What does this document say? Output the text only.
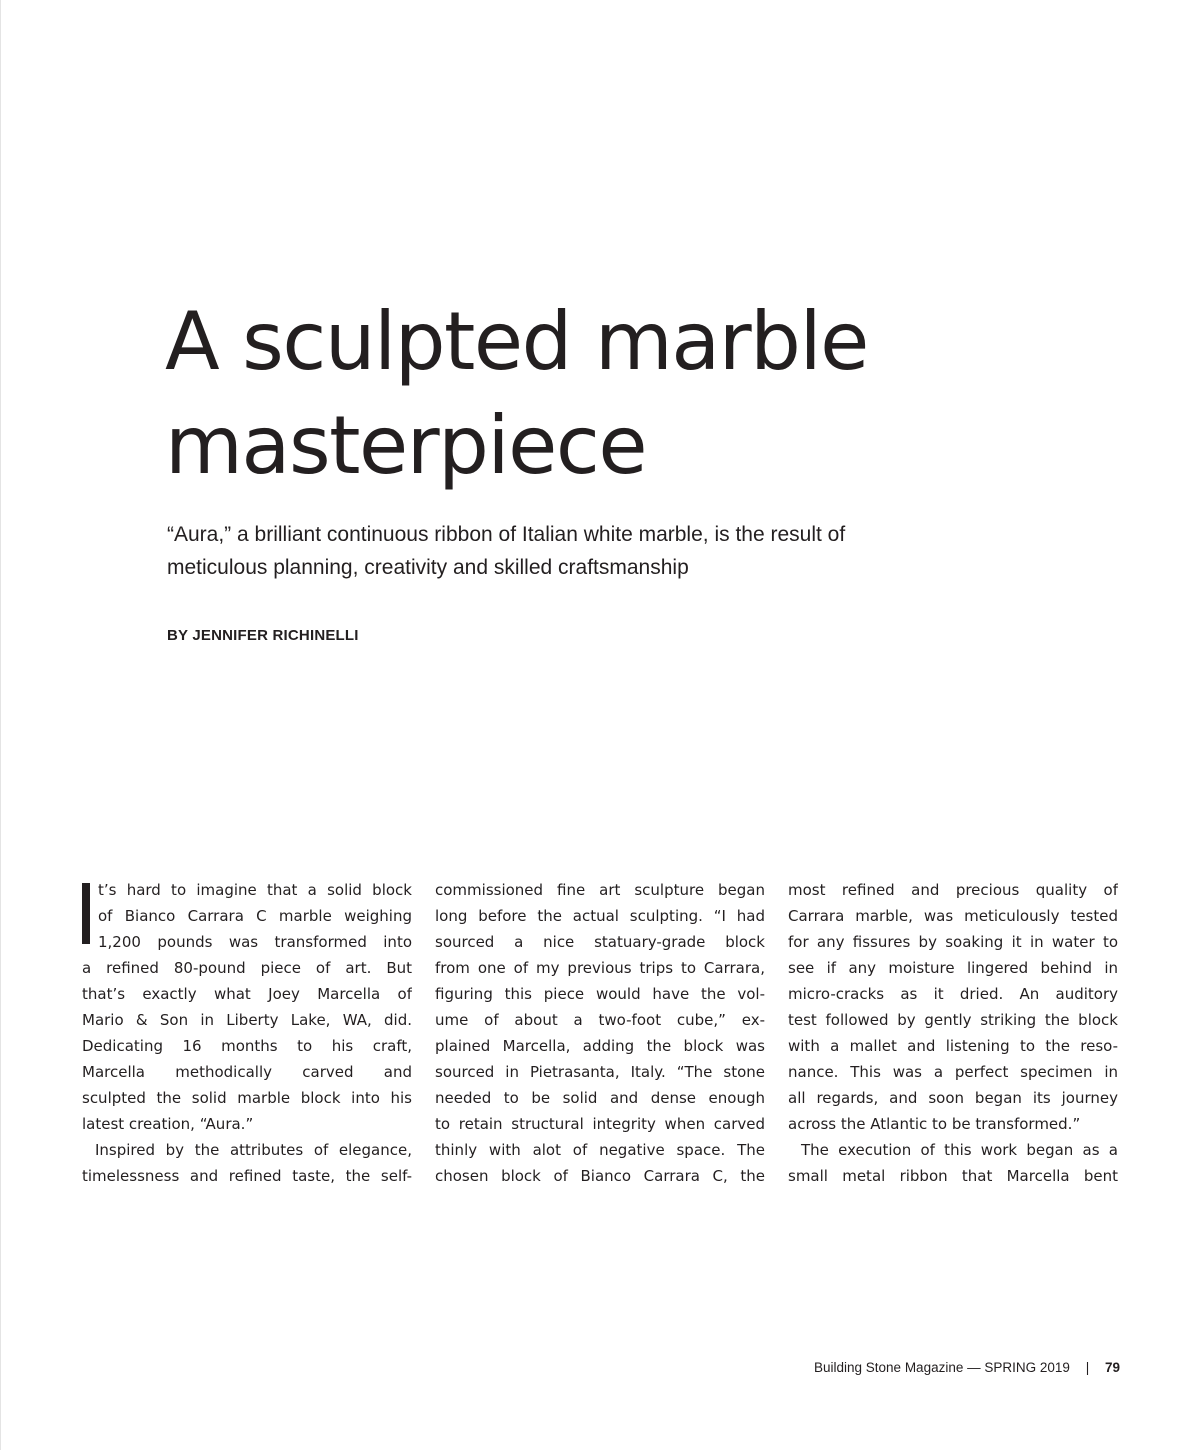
A sculpted marble
masterpiece

“Aura,” a brilliant continuous ribbon of Italian white marble, is the result of
meticulous planning, creativity and skilled craftsmanship

BY JENNIFER RICHINELLI

t’s hard to imagine that a solid block
of Bianco Carrara C marble weighing
1,200 pounds was transformed into
a refined 80-pound piece of art. But
that’s exactly what Joey Marcella of
Mario & Son in Liberty Lake, WA, did.
Dedicating 16 months to his craft,
Marcella methodically carved and
sculpted the solid marble block into his
latest creation, “Aura.”
Inspired by the attributes of elegance,
timelessness and refined taste, the self-
commissioned fine art sculpture began
long before the actual sculpting. “I had
sourced a nice statuary-grade block
from one of my previous trips to Carrara,
figuring this piece would have the vol-
ume of about a two-foot cube,” ex-
plained Marcella, adding the block was
sourced in Pietrasanta, Italy. “The stone
needed to be solid and dense enough
to retain structural integrity when carved
thinly with alot of negative space. The
chosen block of Bianco Carrara C, the
most refined and precious quality of
Carrara marble, was meticulously tested
for any fissures by soaking it in water to
see if any moisture lingered behind in
micro-cracks as it dried. An auditory
test followed by gently striking the block
with a mallet and listening to the reso-
nance. This was a perfect specimen in
all regards, and soon began its journey
across the Atlantic to be transformed.”
The execution of this work began as a
small metal ribbon that Marcella bent
Building Stone Magazine — SPRING 2019 | 79
